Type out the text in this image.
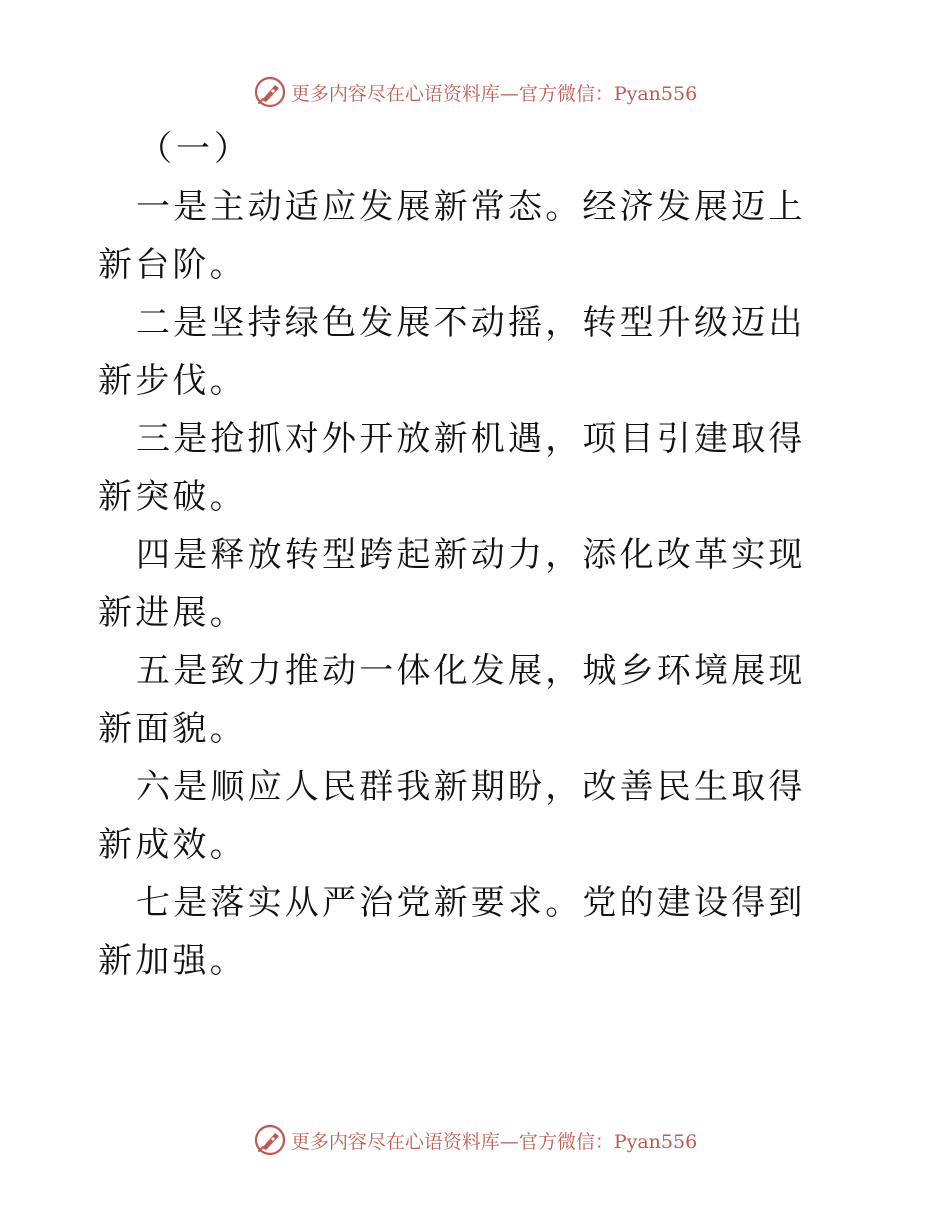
更多内容尽在心语资料库—官方微信：Pyan556
（一）

一是主动适应发展新常态。经济发展迈上新台阶。

二是坚持绿色发展不动摇，转型升级迈出新步伐。

三是抢抓对外开放新机遇，项目引建取得新突破。

四是释放转型跨起新动力，添化改革实现新进展。

五是致力推动一体化发展，城乡环境展现新面貌。

六是顺应人民群我新期盼，改善民生取得新成效。

七是落实从严治党新要求。党的建设得到新加强。

更多内容尽在心语资料库—官方微信：Pyan556
